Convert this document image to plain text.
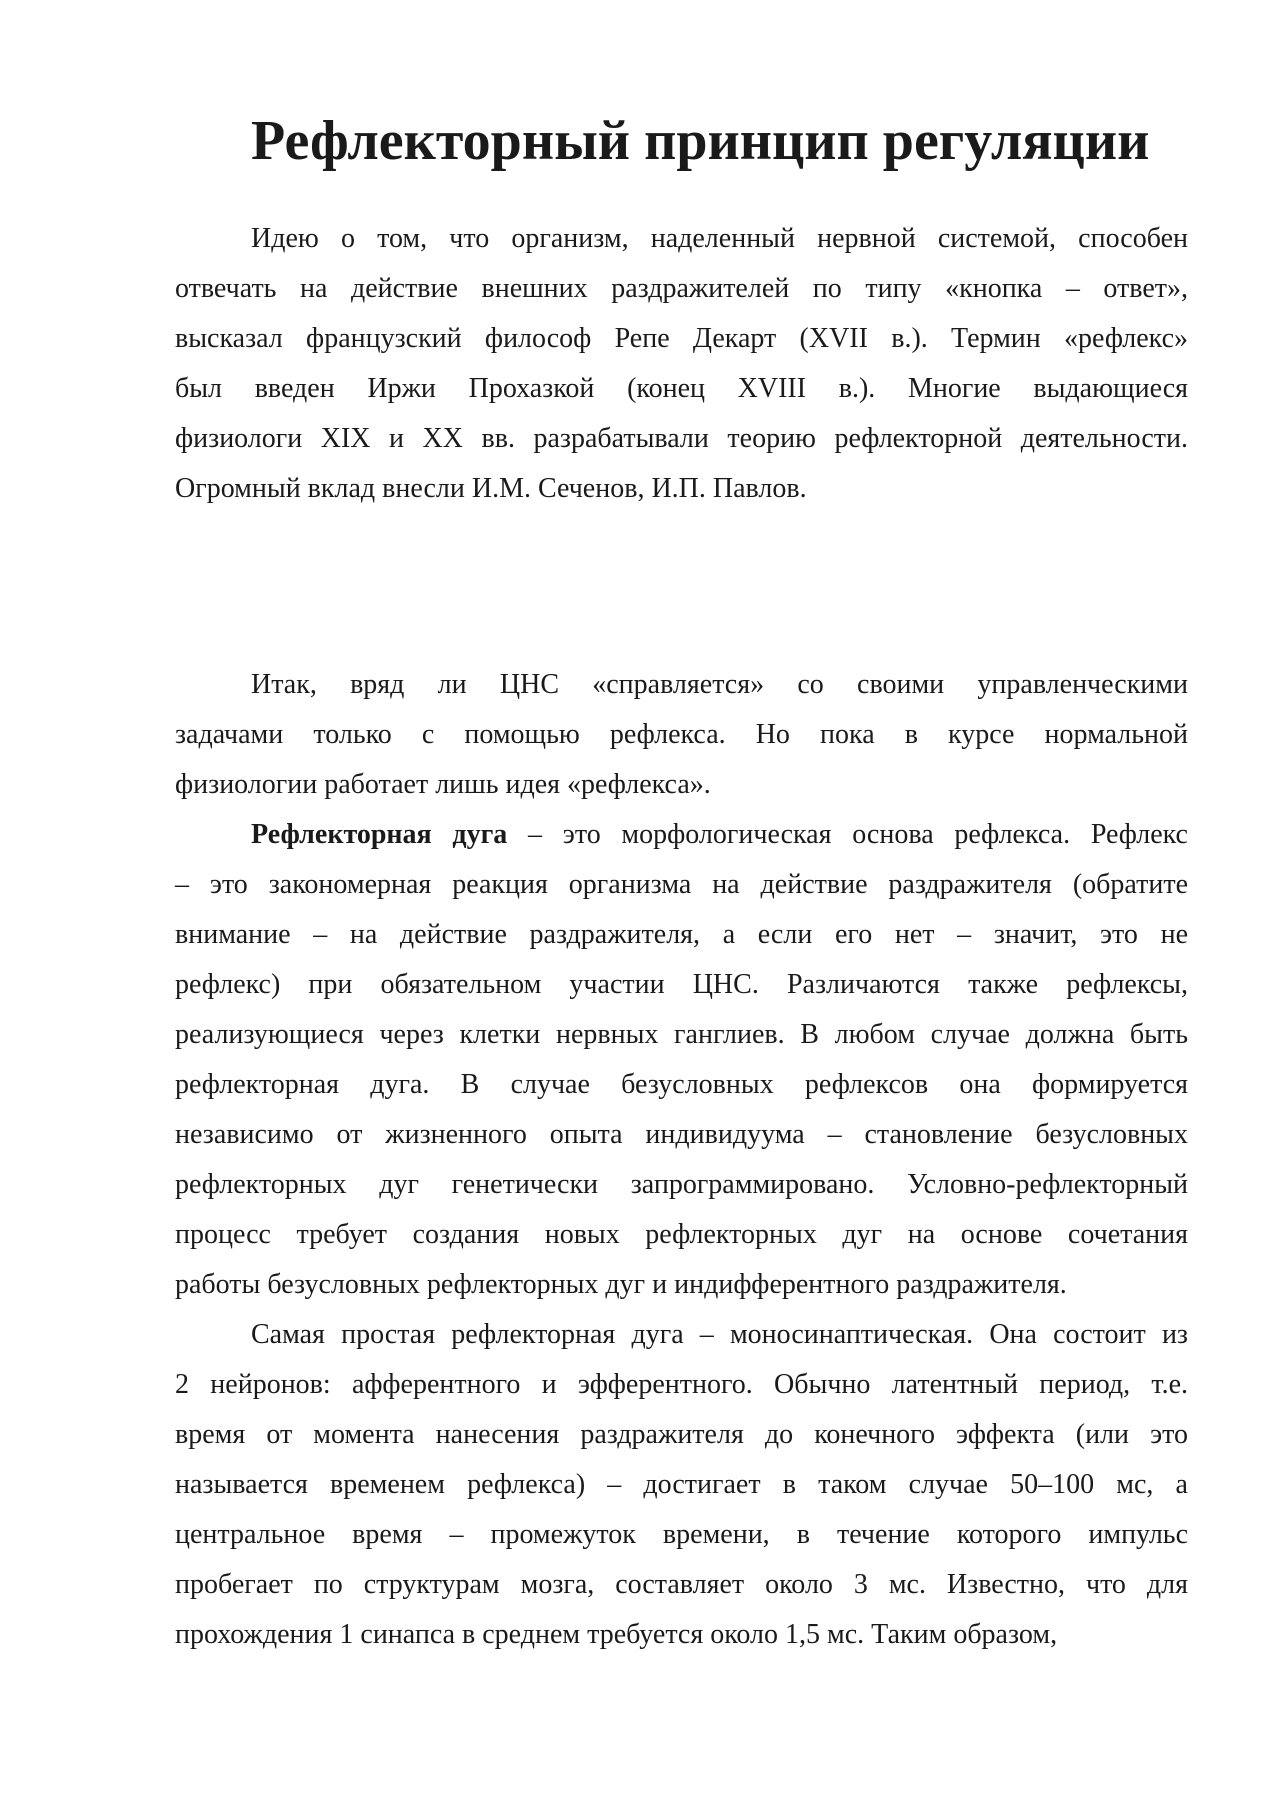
Рефлекторный принцип регуляции
Идею о том, что организм, наделенный нервной системой, способен
отвечать на действие внешних раздражителей по типу «кнопка – ответ»,
высказал французский философ Репе Декарт (XVII в.). Термин «рефлекс»
был введен Иржи Прохазкой (конец XVIII в.). Многие выдающиеся
физиологи XIX и XX вв. разрабатывали теорию рефлекторной деятельности.
Огромный вклад внесли И.М. Сеченов, И.П. Павлов.
Итак, вряд ли ЦНС «справляется» со своими управленческими
задачами только с помощью рефлекса. Но пока в курсе нормальной
физиологии работает лишь идея «рефлекса».
Рефлекторная дуга – это морфологическая основа рефлекса. Рефлекс
– это закономерная реакция организма на действие раздражителя (обратите
внимание – на действие раздражителя, а если его нет – значит, это не
рефлекс) при обязательном участии ЦНС. Различаются также рефлексы,
реализующиеся через клетки нервных ганглиев. В любом случае должна быть
рефлекторная дуга. В случае безусловных рефлексов она формируется
независимо от жизненного опыта индивидуума – становление безусловных
рефлекторных дуг генетически запрограммировано. Условно-рефлекторный
процесс требует создания новых рефлекторных дуг на основе сочетания
работы безусловных рефлекторных дуг и индифферентного раздражителя.
Самая простая рефлекторная дуга – моносинаптическая. Она состоит из
2 нейронов: афферентного и эфферентного. Обычно латентный период, т.е.
время от момента нанесения раздражителя до конечного эффекта (или это
называется временем рефлекса) – достигает в таком случае 50–100 мс, а
центральное время – промежуток времени, в течение которого импульс
пробегает по структурам мозга, составляет около 3 мс. Известно, что для
прохождения 1 синапса в среднем требуется около 1,5 мс. Таким образом,
